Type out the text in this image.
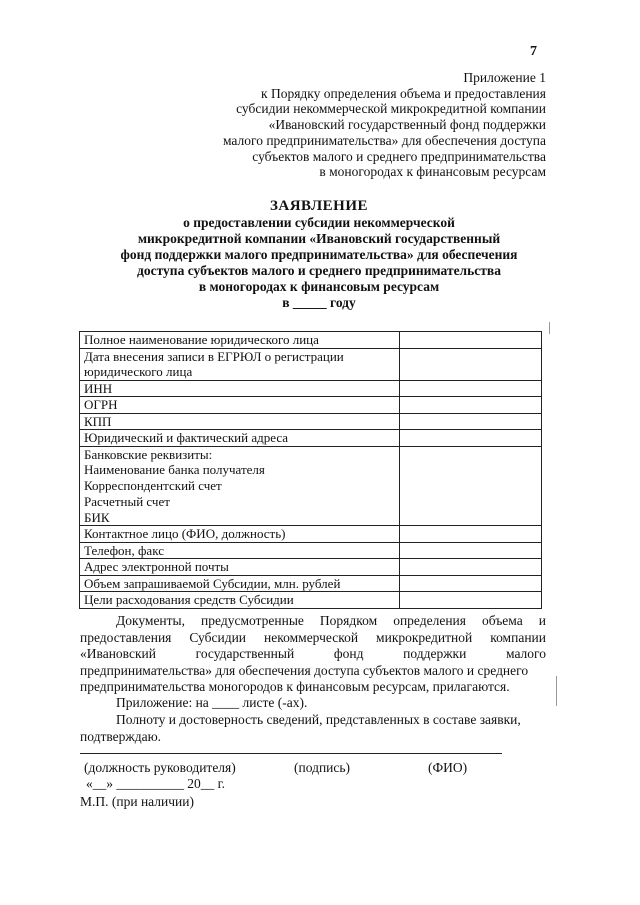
7
Приложение 1
к Порядку определения объема и предоставления
субсидии некоммерческой микрокредитной компании
«Ивановский государственный фонд поддержки
малого предпринимательства» для обеспечения доступа
субъектов малого и среднего предпринимательства
в моногородах к финансовым ресурсам
ЗАЯВЛЕНИЕ
о предоставлении субсидии некоммерческой
микрокредитной компании «Ивановский государственный
фонд поддержки малого предпринимательства» для обеспечения
доступа субъектов малого и среднего предпринимательства
в моногородах к финансовым ресурсам
в _____ году
Полное наименование юридического лица	

Дата внесения записи в ЕГРЮЛ о регистрации
юридического лица	

ИНН	

ОГРН	

КПП	

Юридический и фактический адреса	

Банковские реквизиты:
Наименование банка получателя
Корреспондентский счет
Расчетный счет
БИК	

Контактное лицо (ФИО, должность)	

Телефон, факс	

Адрес электронной почты	

Объем запрашиваемой Субсидии, млн. рублей	

Цели расходования средств Субсидии	

Документы, предусмотренные Порядком определения объема и
предоставления Субсидии некоммерческой микрокредитной компании
«Ивановский государственный фонд поддержки малого
предпринимательства» для обеспечения доступа субъектов малого и среднего
предпринимательства моногородов к финансовым ресурсам, прилагаются.
Приложение: на ____ листе (-ах).
Полноту и достоверность сведений, представленных в составе заявки,
подтверждаю.
(должность руководителя)	(подпись)	(ФИО)
«__» __________ 20__ г.
М.П. (при наличии)
